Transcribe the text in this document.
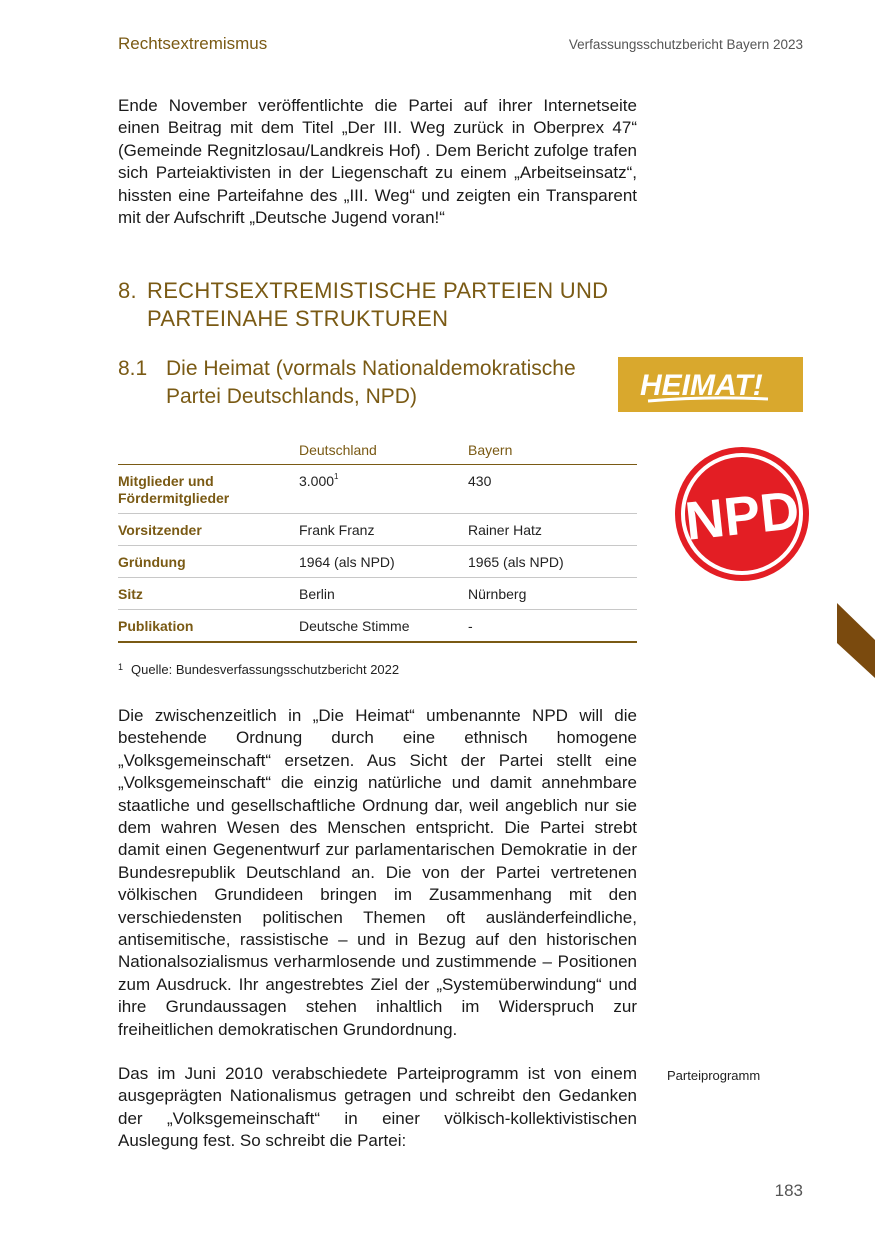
Rechtsextremismus	Verfassungsschutzbericht Bayern 2023

Ende November veröffentlichte die Partei auf ihrer Internetseite einen Beitrag mit dem Titel „Der III. Weg zurück in Oberprex 47“ (Gemeinde Regnitzlosau/Landkreis Hof) . Dem Bericht zufolge trafen sich Parteiaktivisten in der Liegenschaft zu einem „Arbeitseinsatz“, hissten eine Parteifahne des „III. Weg“ und zeigten ein Transparent mit der Aufschrift „Deutsche Jugend voran!“

8. RECHTSEXTREMISTISCHE PARTEIEN UND PARTEINAHE STRUKTUREN
8.1 Die Heimat (vormals Nationaldemokratische Partei Deutschlands, NPD)	HEIMAT!
NPD
	Deutschland	Bayern
Mitglieder und Fördermitglieder	3.000$^1$	430
Vorsitzender	Frank Franz	Rainer Hatz
Gründung	1964 (als NPD)	1965 (als NPD)
Sitz	Berlin	Nürnberg
Publikation	Deutsche Stimme	-
$^1$ Quelle: Bundesverfassungsschutzbericht 2022

Die zwischenzeitlich in „Die Heimat“ umbenannte NPD will die bestehende Ordnung durch eine ethnisch homogene „Volksgemeinschaft“ ersetzen. Aus Sicht der Partei stellt eine „Volksgemeinschaft“ die einzig natürliche und damit annehmbare staatliche und gesellschaftliche Ordnung dar, weil angeblich nur sie dem wahren Wesen des Menschen entspricht. Die Partei strebt damit einen Gegenentwurf zur parlamentarischen Demokratie in der Bundesrepublik Deutschland an. Die von der Partei vertretenen völkischen Grundideen bringen im Zusammenhang mit den verschiedensten politischen Themen oft ausländerfeindliche, antisemitische, rassistische – und in Bezug auf den historischen Nationalsozialismus verharmlosende und zustimmende – Positionen zum Ausdruck. Ihr angestrebtes Ziel der „Systemüberwindung“ und ihre Grundaussagen stehen inhaltlich im Widerspruch zur freiheitlichen demokratischen Grundordnung.

Das im Juni 2010 verabschiedete Parteiprogramm ist von einem ausgeprägten Nationalismus getragen und schreibt den Gedanken der „Volksgemeinschaft“ in einer völkisch-kollektivistischen Auslegung fest. So schreibt die Partei:

Parteiprogramm
183
